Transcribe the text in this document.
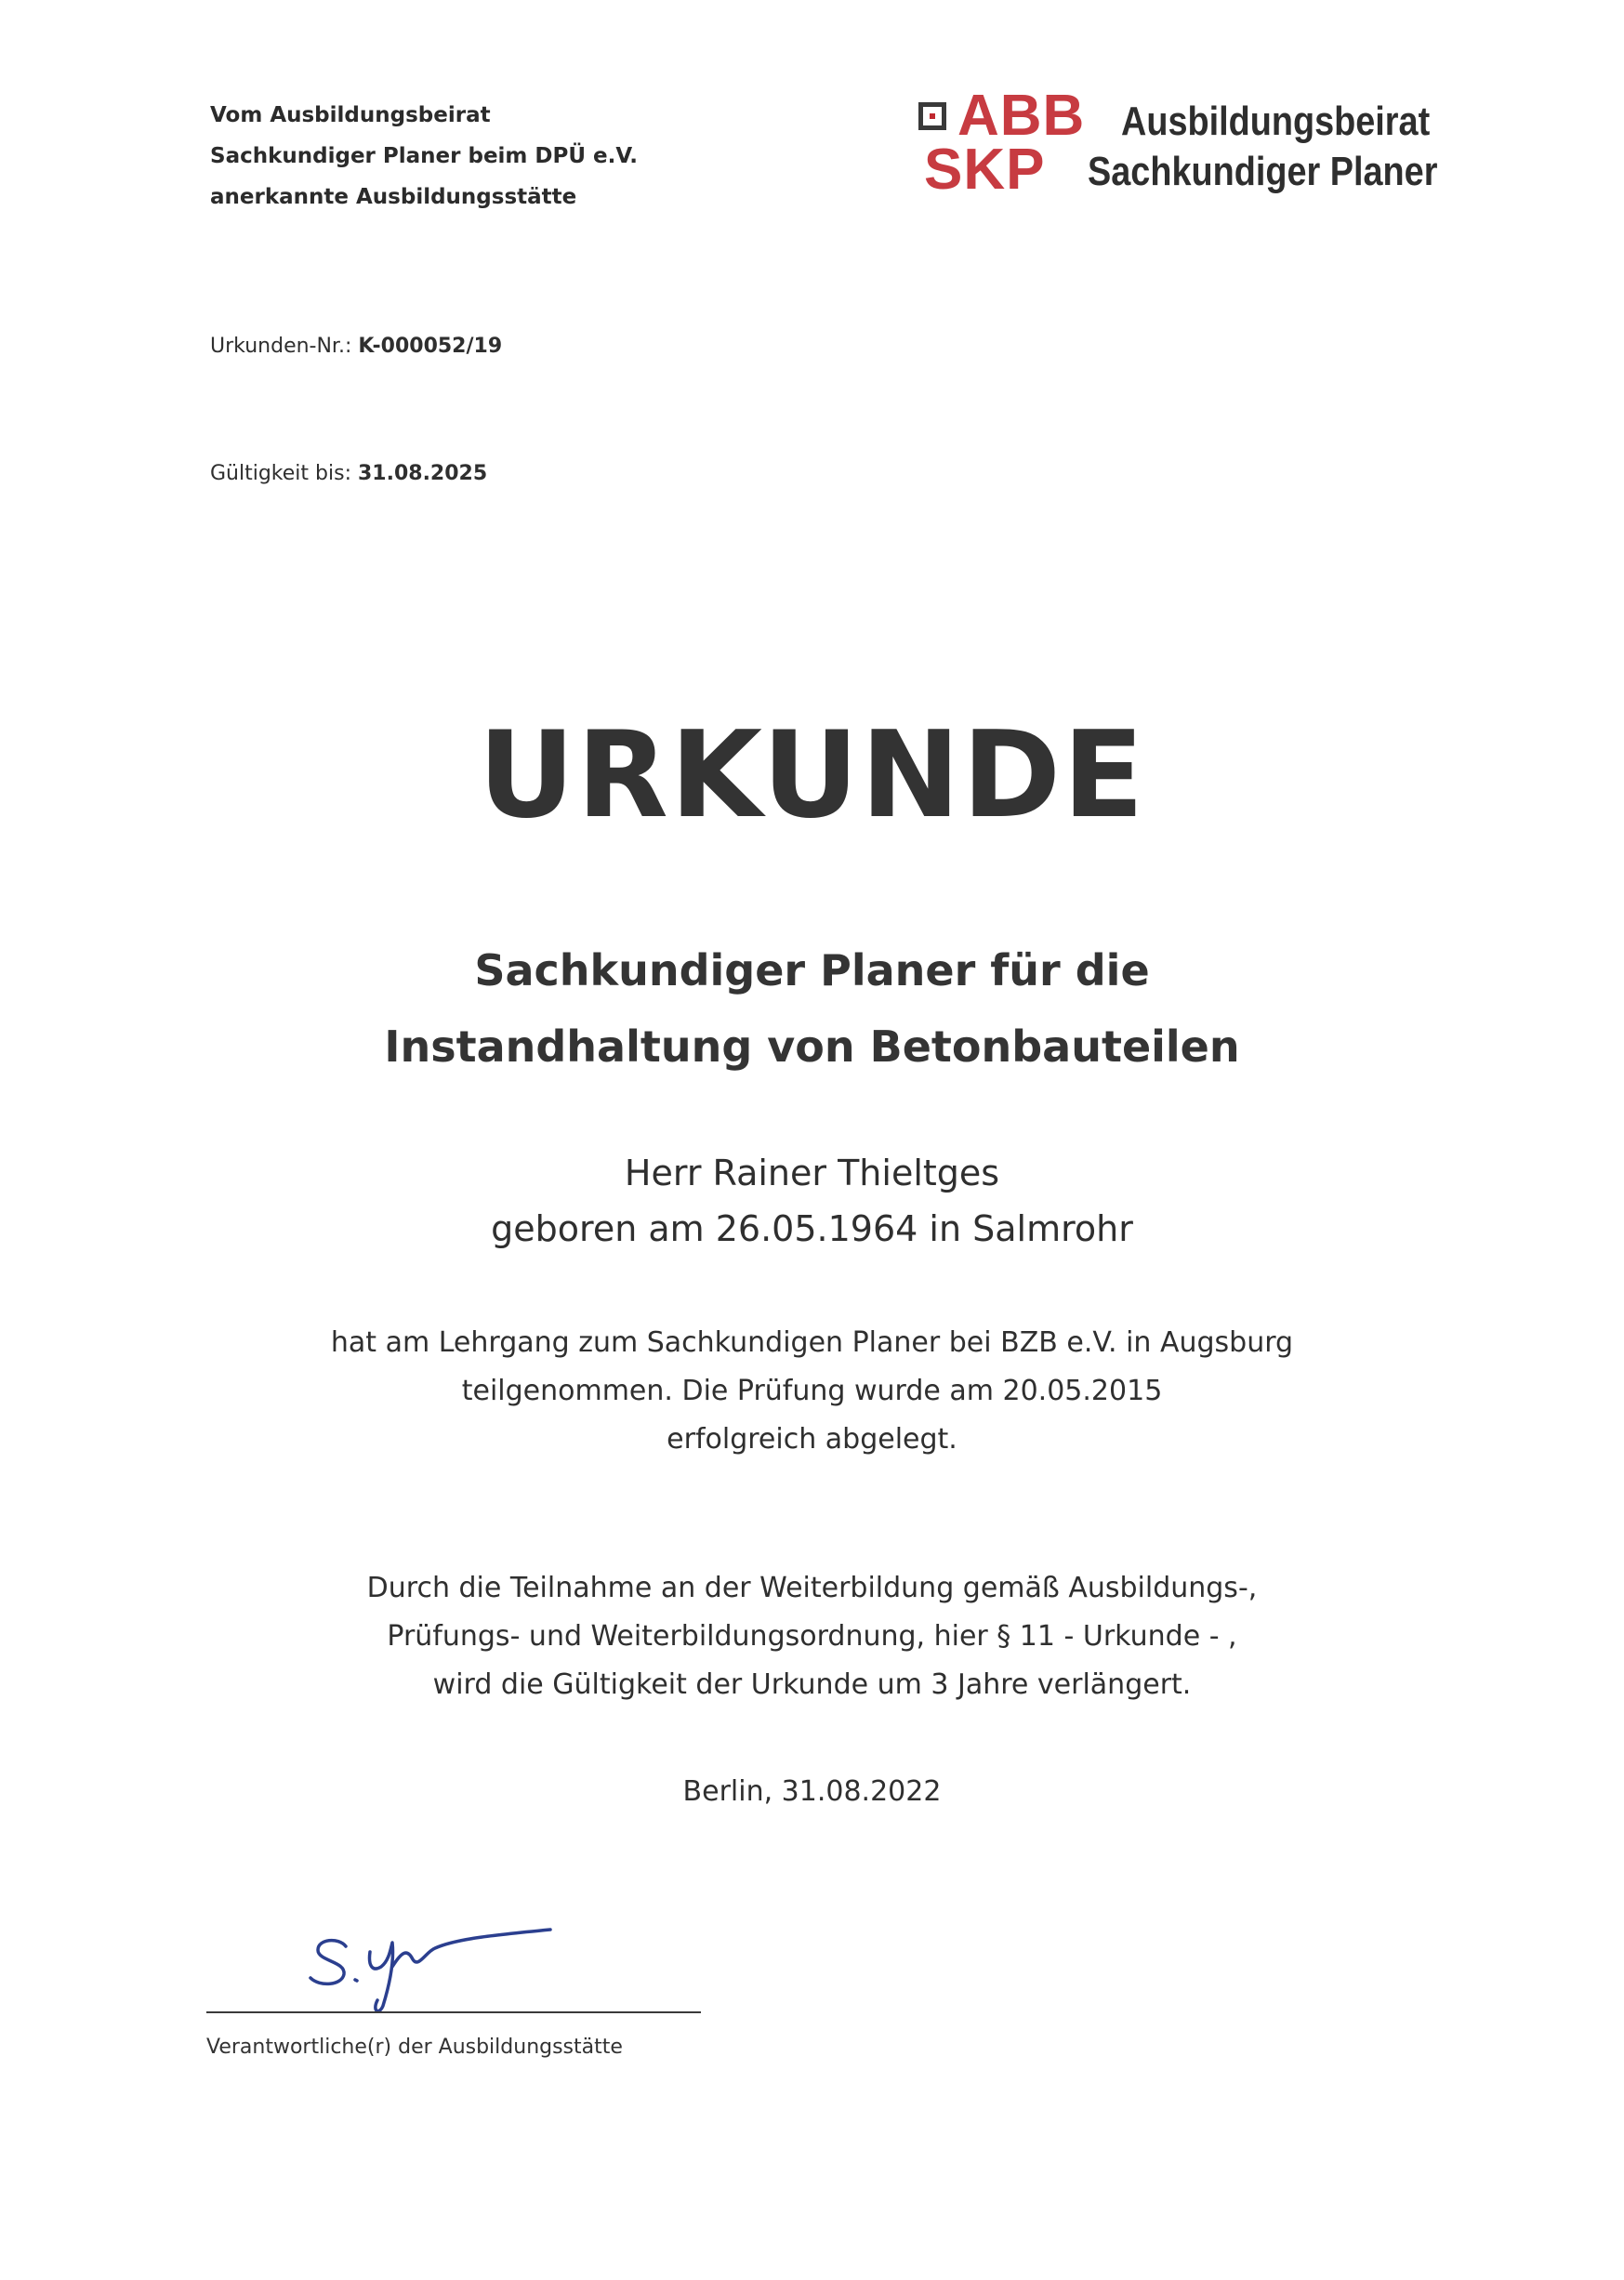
Vom Ausbildungsbeirat
Sachkundiger Planer beim DPÜ e.V.
anerkannte Ausbildungsstätte
ABB
SKP
Ausbildungsbeirat
Sachkundiger Planer
Urkunden-Nr.: K-000052/19
Gültigkeit bis: 31.08.2025
URKUNDE
Sachkundiger Planer für die
Instandhaltung von Betonbauteilen
Herr Rainer Thieltges
geboren am 26.05.1964 in Salmrohr
hat am Lehrgang zum Sachkundigen Planer bei BZB e.V. in Augsburg
teilgenommen. Die Prüfung wurde am 20.05.2015
erfolgreich abgelegt.
Durch die Teilnahme an der Weiterbildung gemäß Ausbildungs-,
Prüfungs- und Weiterbildungsordnung, hier § 11 - Urkunde - ,
wird die Gültigkeit der Urkunde um 3 Jahre verlängert.
Berlin, 31.08.2022
Verantwortliche(r) der Ausbildungsstätte
